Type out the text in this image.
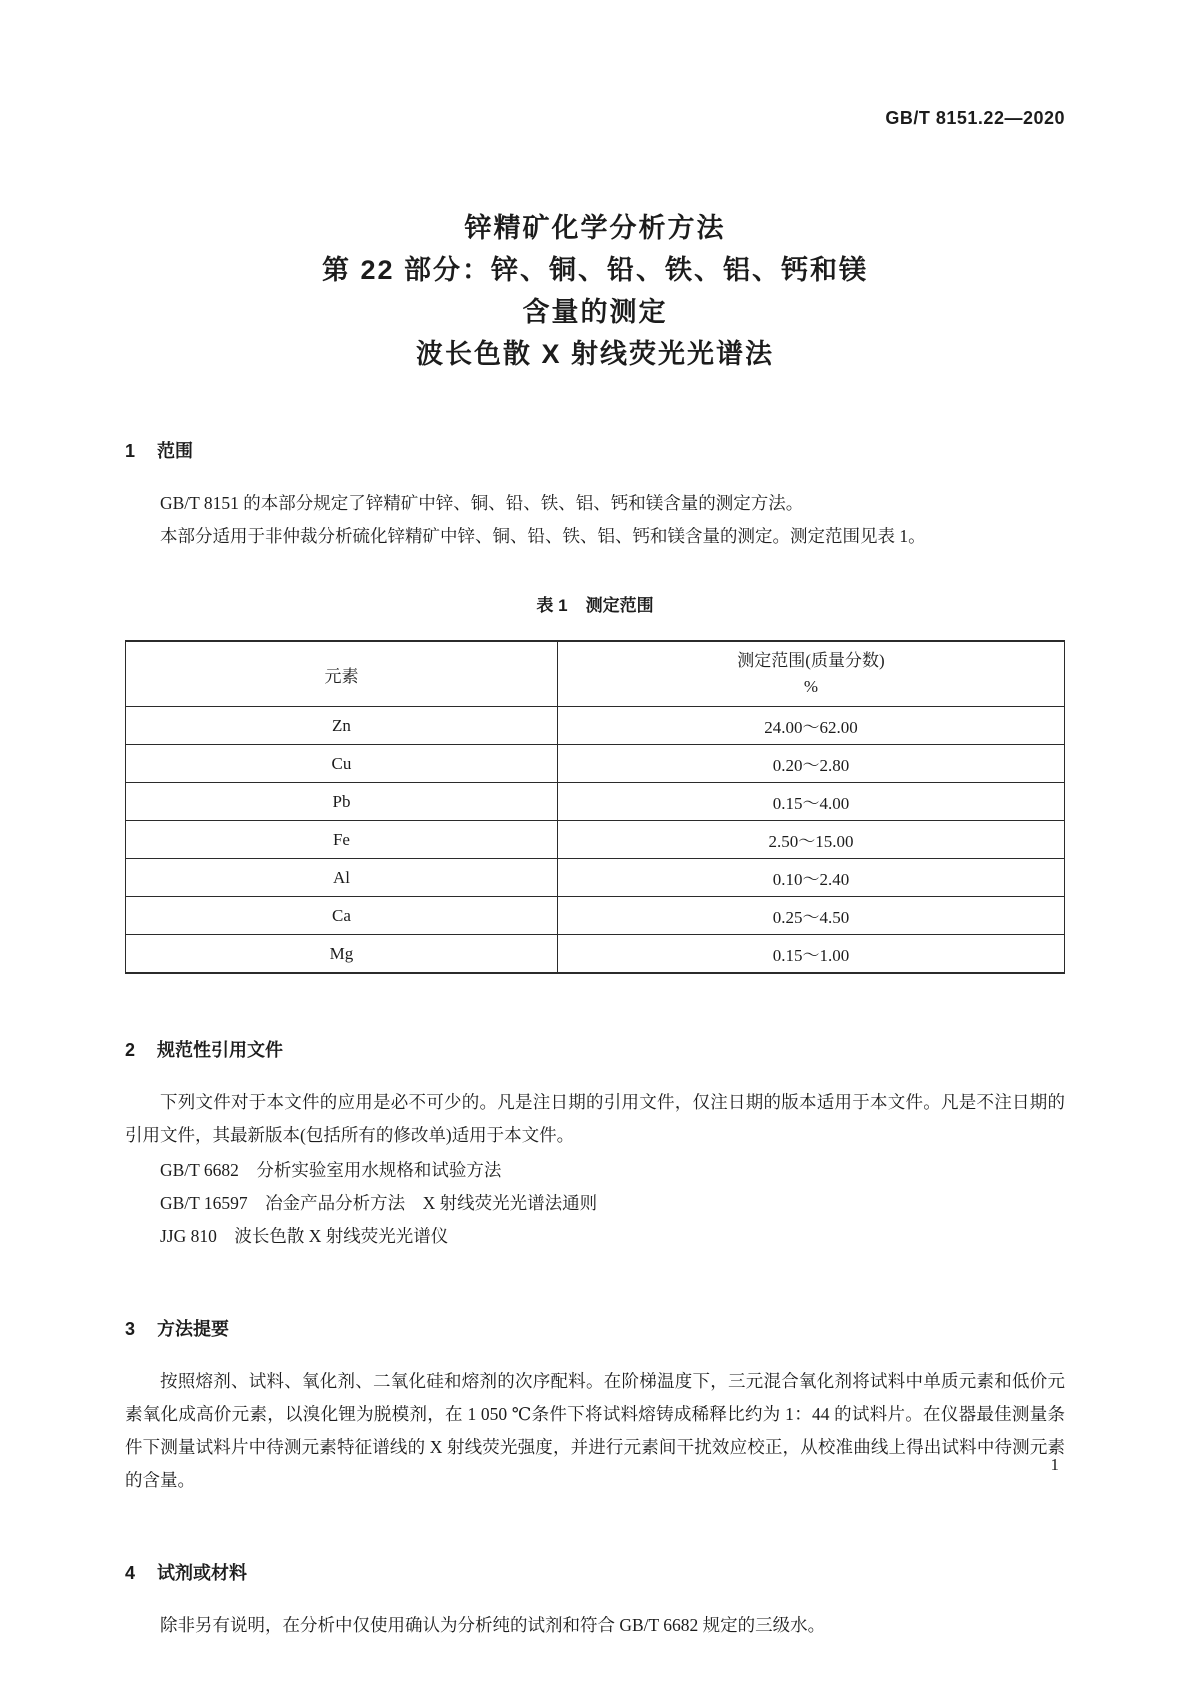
GB/T 8151.22—2020
锌精矿化学分析方法
第 22 部分：锌、铜、铅、铁、铝、钙和镁
含量的测定
波长色散 X 射线荧光光谱法
1 范围

GB/T 8151 的本部分规定了锌精矿中锌、铜、铅、铁、铝、钙和镁含量的测定方法。

本部分适用于非仲裁分析硫化锌精矿中锌、铜、铅、铁、铝、钙和镁含量的测定。测定范围见表 1。

表 1 测定范围
元素	测定范围(质量分数)
%

Zn	24.00～62.00
Cu	0.20～2.80
Pb	0.15～4.00
Fe	2.50～15.00
Al	0.10～2.40
Ca	0.25～4.50
Mg	0.15～1.00
2 规范性引用文件

下列文件对于本文件的应用是必不可少的。凡是注日期的引用文件，仅注日期的版本适用于本文件。凡是不注日期的引用文件，其最新版本(包括所有的修改单)适用于本文件。

GB/T 6682　分析实验室用水规格和试验方法
GB/T 16597　冶金产品分析方法　X 射线荧光光谱法通则
JJG 810　波长色散 X 射线荧光光谱仪
3 方法提要

按照熔剂、试料、氧化剂、二氧化硅和熔剂的次序配料。在阶梯温度下，三元混合氧化剂将试料中单质元素和低价元素氧化成高价元素，以溴化锂为脱模剂，在 1 050 ℃条件下将试料熔铸成稀释比约为 1：44 的试料片。在仪器最佳测量条件下测量试料片中待测元素特征谱线的 X 射线荧光强度，并进行元素间干扰效应校正，从校准曲线上得出试料中待测元素的含量。

4 试剂或材料

除非另有说明，在分析中仅使用确认为分析纯的试剂和符合 GB/T 6682 规定的三级水。

1
